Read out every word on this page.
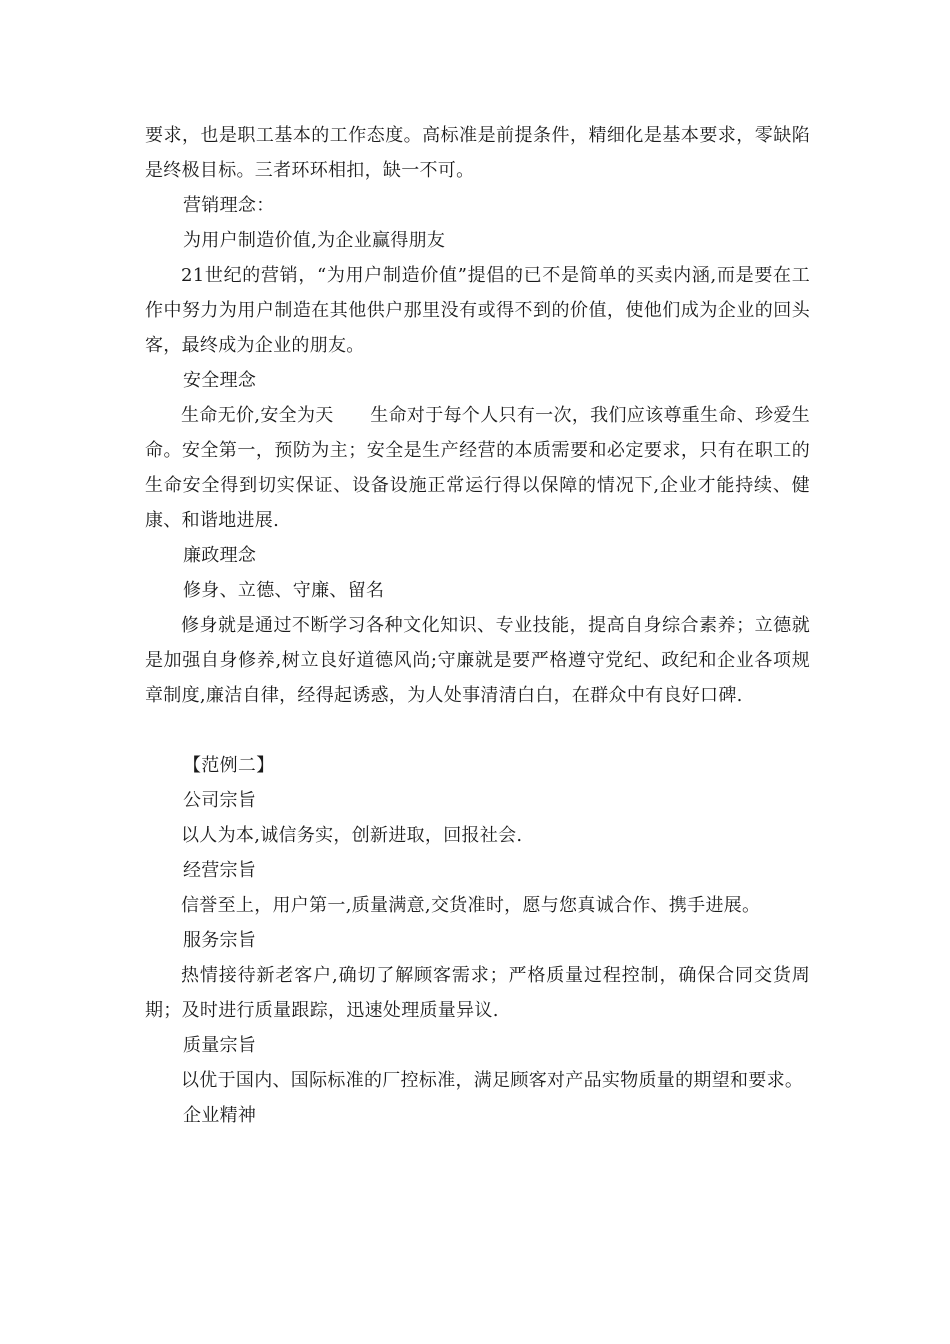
要求，也是职工基本的工作态度。高标准是前提条件，精细化是基本要求，零缺陷是终极目标。三者环环相扣，缺一不可。

营销理念：

为用户制造价值,为企业赢得朋友

21世纪的营销，“为用户制造价值”提倡的已不是简单的买卖内涵,而是要在工作中努力为用户制造在其他供户那里没有或得不到的价值，使他们成为企业的回头客，最终成为企业的朋友。

安全理念

生命无价,安全为天　　生命对于每个人只有一次，我们应该尊重生命、珍爱生命。安全第一，预防为主；安全是生产经营的本质需要和必定要求，只有在职工的生命安全得到切实保证、设备设施正常运行得以保障的情况下,企业才能持续、健康、和谐地进展.

廉政理念

修身、立德、守廉、留名

修身就是通过不断学习各种文化知识、专业技能，提高自身综合素养；立德就是加强自身修养,树立良好道德风尚;守廉就是要严格遵守党纪、政纪和企业各项规章制度,廉洁自律，经得起诱惑，为人处事清清白白，在群众中有良好口碑.

【范例二】

公司宗旨

以人为本,诚信务实，创新进取，回报社会.

经营宗旨

信誉至上，用户第一,质量满意,交货准时，愿与您真诚合作、携手进展。

服务宗旨

热情接待新老客户,确切了解顾客需求；严格质量过程控制，确保合同交货周期；及时进行质量跟踪，迅速处理质量异议.

质量宗旨

以优于国内、国际标准的厂控标准，满足顾客对产品实物质量的期望和要求。

企业精神
